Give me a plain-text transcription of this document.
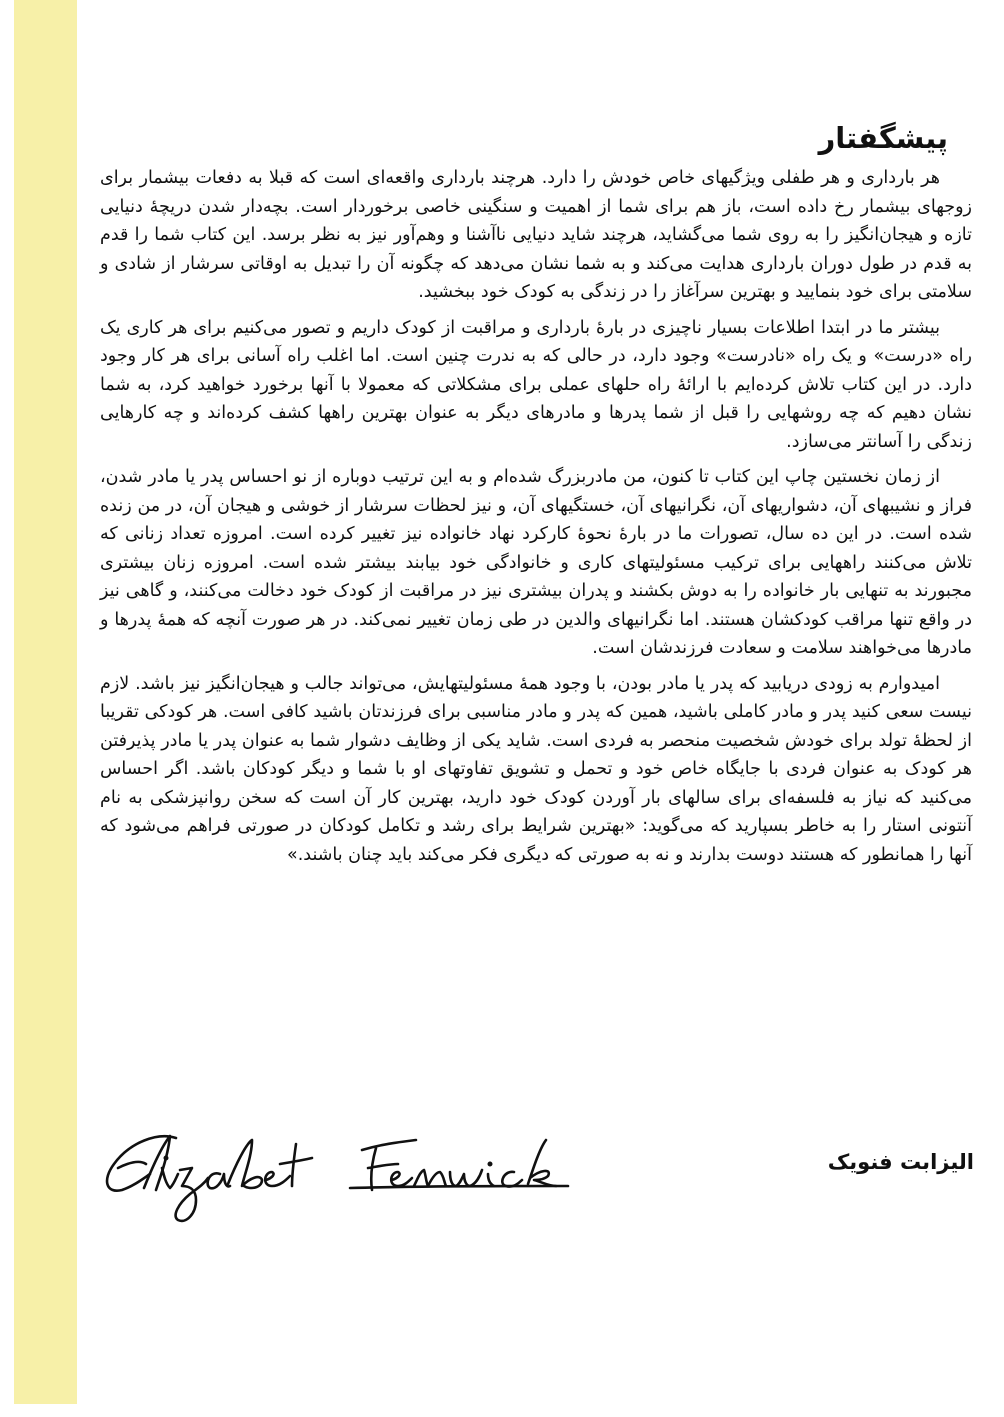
پیشگفتار

هر بارداری و هر طفلی ویژگیهای خاص خودش را دارد. هرچند بارداری واقعه‌ای است که قبلا به دفعات بیشمار برای زوجهای بیشمار رخ داده است، باز هم برای شما از اهمیت و سنگینی خاصی برخوردار است. بچه‌دار شدن دریچهٔ دنیایی تازه و هیجان‌انگیز را به روی شما می‌گشاید، هرچند شاید دنیایی ناآشنا و وهم‌آور نیز به نظر برسد. این کتاب شما را قدم به قدم در طول دوران بارداری هدایت می‌کند و به شما نشان می‌دهد که چگونه آن را تبدیل به اوقاتی سرشار از شادی و سلامتی برای خود بنمایید و بهترین سرآغاز را در زندگی به کودک خود ببخشید.

بیشتر ما در ابتدا اطلاعات بسیار ناچیزی در بارهٔ بارداری و مراقبت از کودک داریم و تصور می‌کنیم برای هر کاری یک راه «درست» و یک راه «نادرست» وجود دارد، در حالی که به ندرت چنین است. اما اغلب راه آسانی برای هر کار وجود دارد. در این کتاب تلاش کرده‌ایم با ارائهٔ راه حلهای عملی برای مشکلاتی که معمولا با آنها برخورد خواهید کرد، به شما نشان دهیم که چه روشهایی را قبل از شما پدرها و مادرهای دیگر به عنوان بهترین راهها کشف کرده‌اند و چه کارهایی زندگی را آسانتر می‌سازد.

از زمان نخستین چاپ این کتاب تا کنون، من مادربزرگ شده‌ام و به این ترتیب دوباره از نو احساس پدر یا مادر شدن، فراز و نشیبهای آن، دشواریهای آن، نگرانیهای آن، خستگیهای آن، و نیز لحظات سرشار از خوشی و هیجان آن، در من زنده شده است. در این ده سال، تصورات ما در بارهٔ نحوهٔ کارکرد نهاد خانواده نیز تغییر کرده است. امروزه تعداد زنانی که تلاش می‌کنند راههایی برای ترکیب مسئولیتهای کاری و خانوادگی خود بیابند بیشتر شده است. امروزه زنان بیشتری مجبورند به تنهایی بار خانواده را به دوش بکشند و پدران بیشتری نیز در مراقبت از کودک خود دخالت می‌کنند، و گاهی نیز در واقع تنها مراقب کودکشان هستند. اما نگرانیهای والدین در طی زمان تغییر نمی‌کند. در هر صورت آنچه که همهٔ پدرها و مادرها می‌خواهند سلامت و سعادت فرزندشان است.

امیدوارم به زودی دریابید که پدر یا مادر بودن، با وجود همهٔ مسئولیتهایش، می‌تواند جالب و هیجان‌انگیز نیز باشد. لازم نیست سعی کنید پدر و مادر کاملی باشید، همین که پدر و مادر مناسبی برای فرزندتان باشید کافی است. هر کودکی تقریبا از لحظهٔ تولد برای خودش شخصیت منحصر به فردی است. شاید یکی از وظایف دشوار شما به عنوان پدر یا مادر پذیرفتن هر کودک به عنوان فردی با جایگاه خاص خود و تحمل و تشویق تفاوتهای او با شما و دیگر کودکان باشد. اگر احساس می‌کنید که نیاز به فلسفه‌ای برای سالهای بار آوردن کودک خود دارید، بهترین کار آن است که سخن روانپزشکی به نام آنتونی استار را به خاطر بسپارید که می‌گوید: «بهترین شرایط برای رشد و تکامل کودکان در صورتی فراهم می‌شود که آنها را همانطور که هستند دوست بدارند و نه به صورتی که دیگری فکر می‌کند باید چنان باشند.»

الیزابت فنویک
